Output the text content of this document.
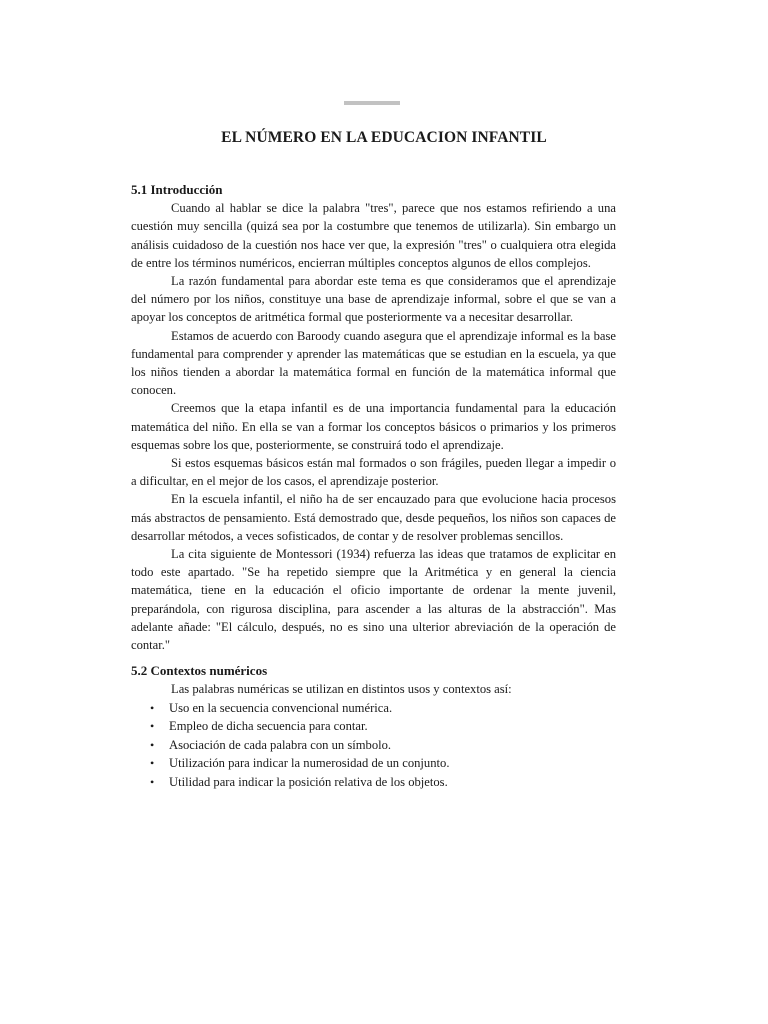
EL NÚMERO EN LA EDUCACION INFANTIL

5.1 Introducción

Cuando al hablar se dice la palabra "tres", parece que nos estamos refiriendo a una cuestión muy sencilla (quizá sea por la costumbre que tenemos de utilizarla). Sin embargo un análisis cuidadoso de la cuestión nos hace ver que, la expresión "tres" o cualquiera otra elegida de entre los términos numéricos, encierran múltiples conceptos algunos de ellos complejos.

La razón fundamental para abordar este tema es que consideramos que el aprendizaje del número por los niños, constituye una base de aprendizaje informal, sobre el que se van a apoyar los conceptos de aritmética formal que posteriormente va a necesitar desarrollar.

Estamos de acuerdo con Baroody cuando asegura que el aprendizaje informal es la base fundamental para comprender y aprender las matemáticas que se estudian en la escuela, ya que los niños tienden a abordar la matemática formal en función de la matemática informal que conocen.

Creemos que la etapa infantil es de una importancia fundamental para la educación matemática del niño. En ella se van a formar los conceptos básicos o primarios y los primeros esquemas sobre los que, posteriormente, se construirá todo el aprendizaje.

Si estos esquemas básicos están mal formados o son frágiles, pueden llegar a impedir o a dificultar, en el mejor de los casos, el aprendizaje posterior.

En la escuela infantil, el niño ha de ser encauzado para que evolucione hacia procesos más abstractos de pensamiento. Está demostrado que, desde pequeños, los niños son capaces de desarrollar métodos, a veces sofisticados, de contar y de resolver problemas sencillos.

La cita siguiente de Montessori (1934) refuerza las ideas que tratamos de explicitar en todo este apartado. "Se ha repetido siempre que la Aritmética y en general la ciencia matemática, tiene en la educación el oficio importante de ordenar la mente juvenil, preparándola, con rigurosa disciplina, para ascender a las alturas de la abstracción". Mas adelante añade: "El cálculo, después, no es sino una ulterior abreviación de la operación de contar."

5.2 Contextos numéricos

Las palabras numéricas se utilizan en distintos usos y contextos así:

• Uso en la secuencia convencional numérica.
• Empleo de dicha secuencia para contar.
• Asociación de cada palabra con un símbolo.
• Utilización para indicar la numerosidad de un conjunto.
• Utilidad para indicar la posición relativa de los objetos.
